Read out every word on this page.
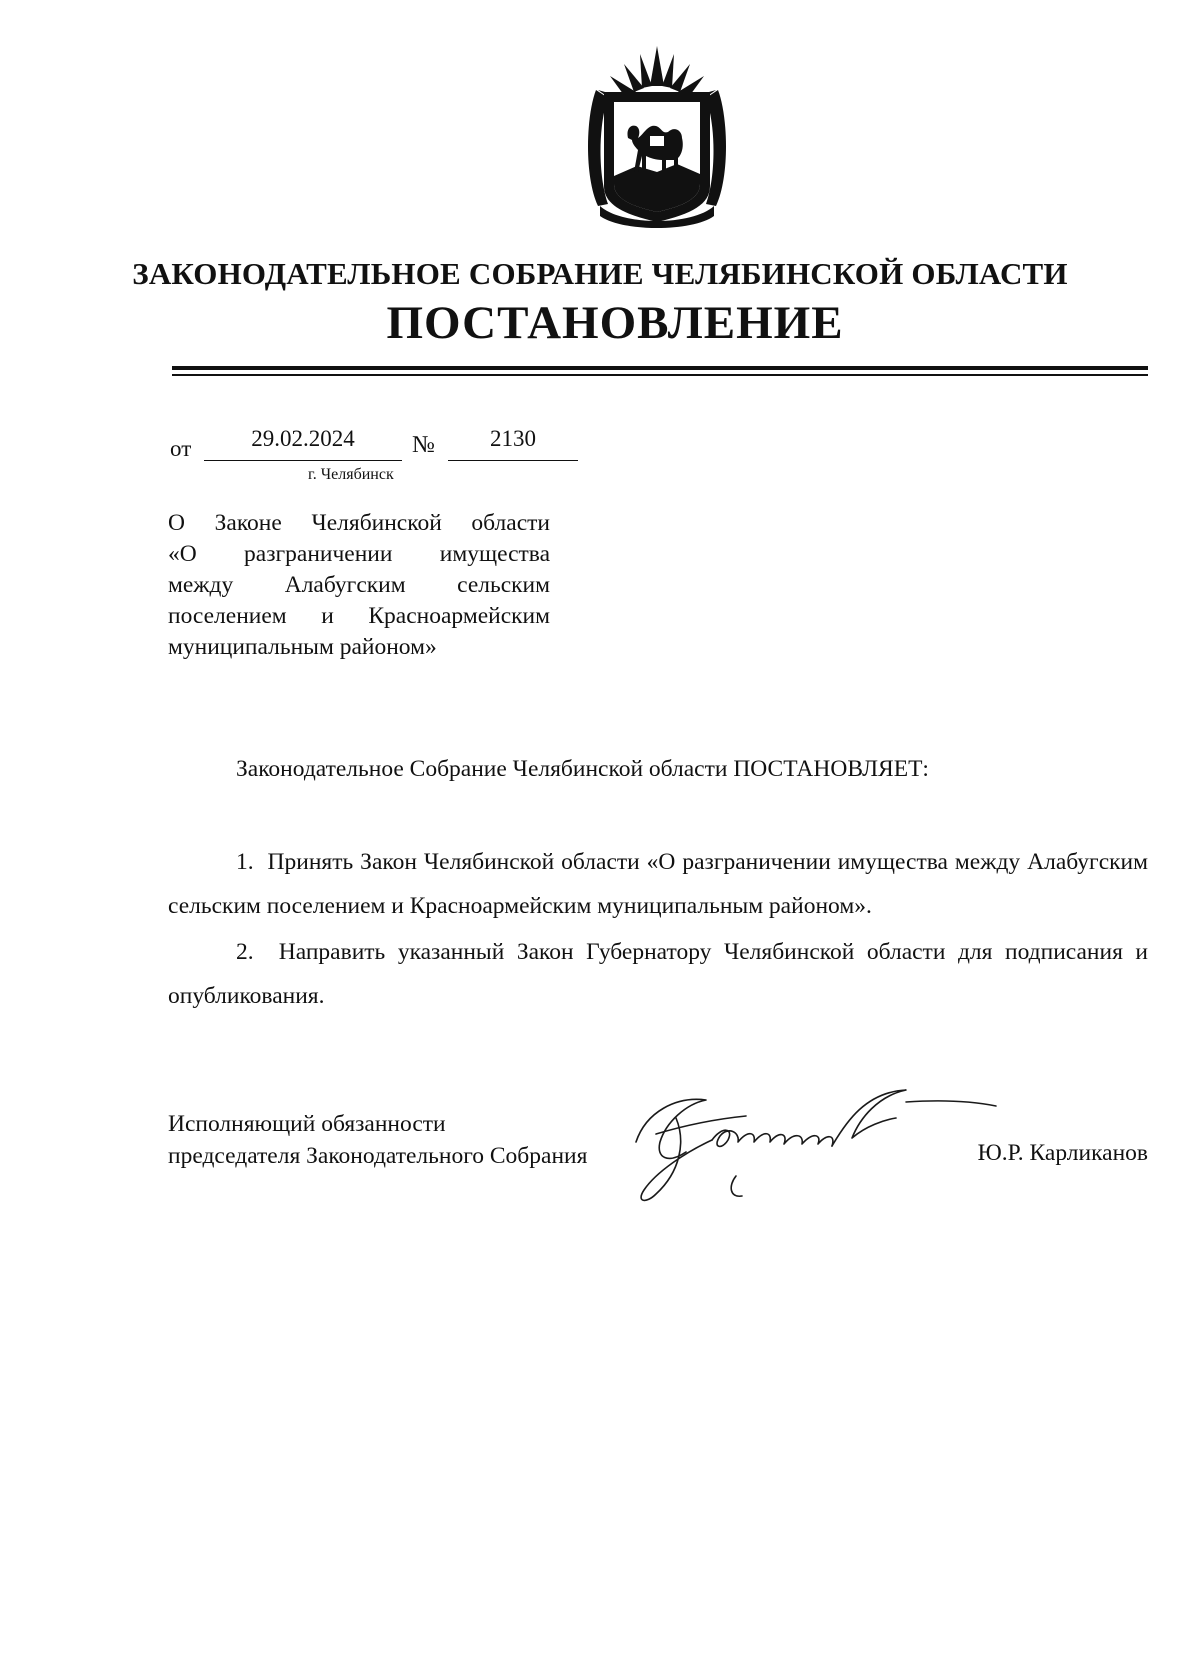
ЗАКОНОДАТЕЛЬНОЕ СОБРАНИЕ ЧЕЛЯБИНСКОЙ ОБЛАСТИ
ПОСТАНОВЛЕНИЕ
от	29.02.2024	№	2130
г. Челябинск
О Законе Челябинской области
«О разграничении имущества
между Алабугским сельским
поселением и Красноармейским
муниципальным районом»
Законодательное Собрание Челябинской области ПОСТАНОВЛЯЕТ:
1. Принять Закон Челябинской области «О разграничении имущества между Алабугским сельским поселением и Красноармейским муниципальным районом».
2. Направить указанный Закон Губернатору Челябинской области для подписания и опубликования.
Исполняющий обязанности
председателя Законодательного Собрания	Ю.Р. Карликанов
